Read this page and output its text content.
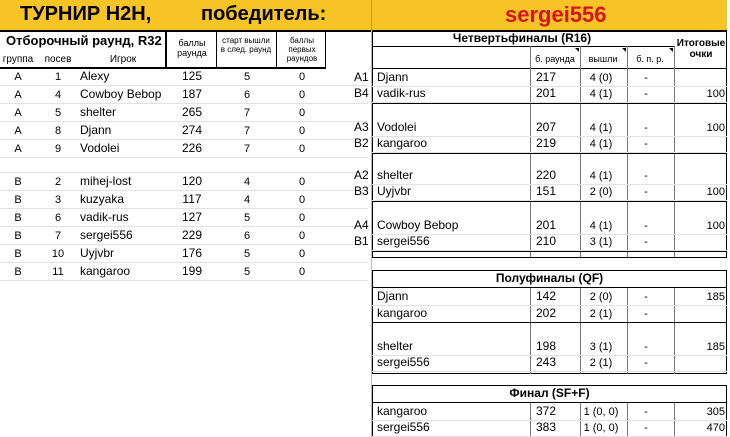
ТУРНИР Н2Н, победитель:	sergei556
Отборочный раунд, R32	баллы раунда
старт вышли в след. раунд
баллы первых раундов
группа	посев	Игрок
A	1	Alexy	125	5	0
A	4	Cowboy Bebop	187	6	0
A	5	shelter	265	7	0
A	8	Djann	274	7	0
A	9	Vodolei	226	7	0
B	2	mihej-lost	120	4	0
B	3	kuzyaka	117	4	0
B	6	vadik-rus	127	5	0
B	7	sergei556	229	6	0
B	10	Uyjvbr	176	5	0
B	11	kangaroo	199	5	0
Четвертьфиналы (R16)	Итоговые очки
б. раунда	вышли	б. п. р.
A1 Djann	217	4 (0)	-
B4 vadik-rus	201	4 (1)	-	100
A3 Vodolei	207	4 (1)	-	100
B2 kangaroo	219	4 (1)	-
A2 shelter	220	4 (1)	-
B3 Uyjvbr	151	2 (0)	-	100
A4 Cowboy Bebop	201	4 (1)	-	100
B1 sergei556	210	3 (1)	-
Полуфиналы (QF)
Djann	142	2 (0)	-	185
kangaroo	202	2 (1)	-
shelter	198	3 (1)	-	185
sergei556	243	2 (1)	-
Финал (SF+F)
kangaroo	372	1 (0, 0)	-	305
sergei556	383	1 (0, 0)	-	470
